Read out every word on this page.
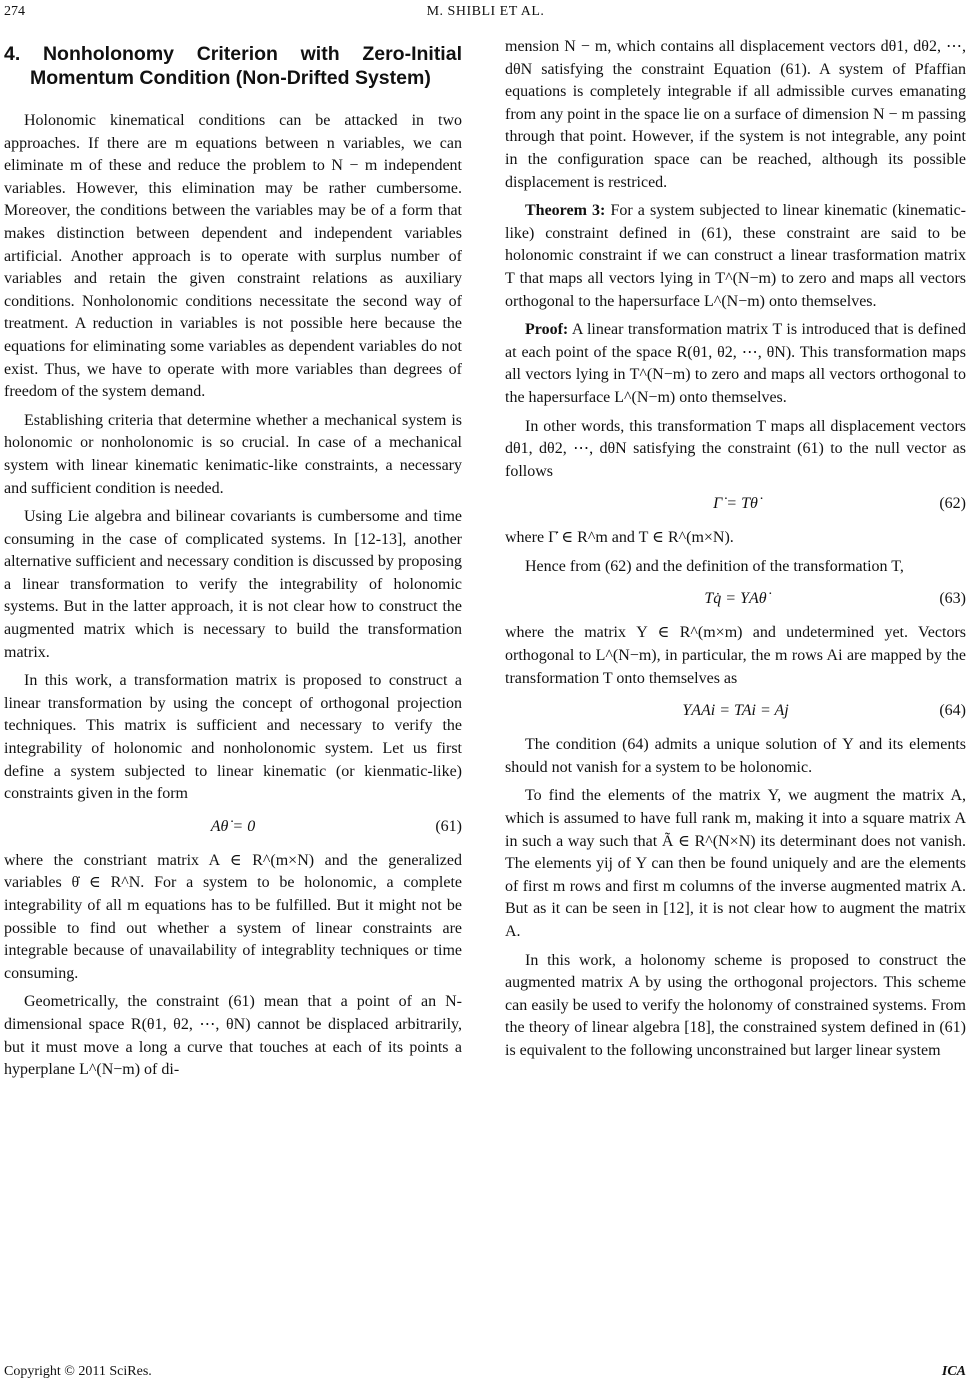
274	M. SHIBLI ET AL.
4. Nonholonomy Criterion with Zero-Initial Momentum Condition (Non-Drifted System)

Holonomic kinematical conditions can be attacked in two approaches. If there are m equations between n variables, we can eliminate m of these and reduce the problem to N − m independent variables. However, this elimination may be rather cumbersome. Moreover, the conditions between the variables may be of a form that makes distinction between dependent and independent variables artificial. Another approach is to operate with surplus number of variables and retain the given constraint relations as auxiliary conditions. Nonholonomic conditions necessitate the second way of treatment. A reduction in variables is not possible here because the equations for eliminating some variables as dependent variables do not exist. Thus, we have to operate with more variables than degrees of freedom of the system demand.

Establishing criteria that determine whether a mechanical system is holonomic or nonholonomic is so crucial. In case of a mechanical system with linear kinematic kenimatic-like constraints, a necessary and sufficient condition is needed.

Using Lie algebra and bilinear covariants is cumbersome and time consuming in the case of complicated systems. In [12-13], another alternative sufficient and necessary condition is discussed by proposing a linear transformation to verify the integrability of holonomic systems. But in the latter approach, it is not clear how to construct the augmented matrix which is necessary to build the transformation matrix.

In this work, a transformation matrix is proposed to construct a linear transformation by using the concept of orthogonal projection techniques. This matrix is sufficient and necessary to verify the integrability of holonomic and nonholonomic system. Let us first define a system subjected to linear kinematic (or kienmatic-like) constraints given in the form

Aθ̇ = 0	(61)

where the constriant matrix A ∈ R^(m×N) and the generalized variables θ̇ ∈ R^N. For a system to be holonomic, a complete integrability of all m equations has to be fulfilled. But it might not be possible to find out whether a system of linear constraints are integrable because of unavailability of integrablity techniques or time consuming.

Geometrically, the constraint (61) mean that a point of an N-dimensional space R(θ1, θ2, ⋯, θN) cannot be displaced arbitrarily, but it must move a long a curve that touches at each of its points a hyperplane L^(N−m) of di-

mension N − m, which contains all displacement vectors dθ1, dθ2, ⋯, dθN satisfying the constraint Equation (61). A system of Pfaffian equations is completely integrable if all admissible curves emanating from any point in the space lie on a surface of dimension N − m passing through that point. However, if the system is not integrable, any point in the configuration space can be reached, although its possible displacement is restriced.

Theorem 3: For a system subjected to linear kinematic (kinematic-like) constraint defined in (61), these constraint are said to be holonomic constraint if we can construct a linear trasformation matrix T that maps all vectors lying in T^(N−m) to zero and maps all vectors orthogonal to the hapersurface L^(N−m) onto themselves.

Proof: A linear transformation matrix T is introduced that is defined at each point of the space R(θ1, θ2, ⋯, θN). This transformation maps all vectors lying in T^(N−m) to zero and maps all vectors orthogonal to the hapersurface L^(N−m) onto themselves.

In other words, this transformation T maps all displacement vectors dθ1, dθ2, ⋯, dθN satisfying the constraint (61) to the null vector as follows

Γ̇ = Tθ̇	(62)

where Γ̇ ∈ R^m and T ∈ R^(m×N).

Hence from (62) and the definition of the transformation T,

Tq̇ = ΥAθ̇	(63)

where the matrix Υ ∈ R^(m×m) and undetermined yet. Vectors orthogonal to L^(N−m), in particular, the m rows Ai are mapped by the transformation T onto themselves as

ΥAAi = TAi = Aj	(64)

The condition (64) admits a unique solution of Υ and its elements should not vanish for a system to be holonomic.

To find the elements of the matrix Υ, we augment the matrix A, which is assumed to have full rank m, making it into a square matrix A in such a way such that Ã ∈ R^(N×N) its determinant does not vanish. The elements yij of Υ can then be found uniquely and are the elements of first m rows and first m columns of the inverse augmented matrix A. But as it can be seen in [12], it is not clear how to augment the matrix A.

In this work, a holonomy scheme is proposed to construct the augmented matrix A by using the orthogonal projectors. This scheme can easily be used to verify the holonomy of constrained systems. From the theory of linear algebra [18], the constrained system defined in (61) is equivalent to the following unconstrained but larger linear system

Copyright © 2011 SciRes.	ICA
